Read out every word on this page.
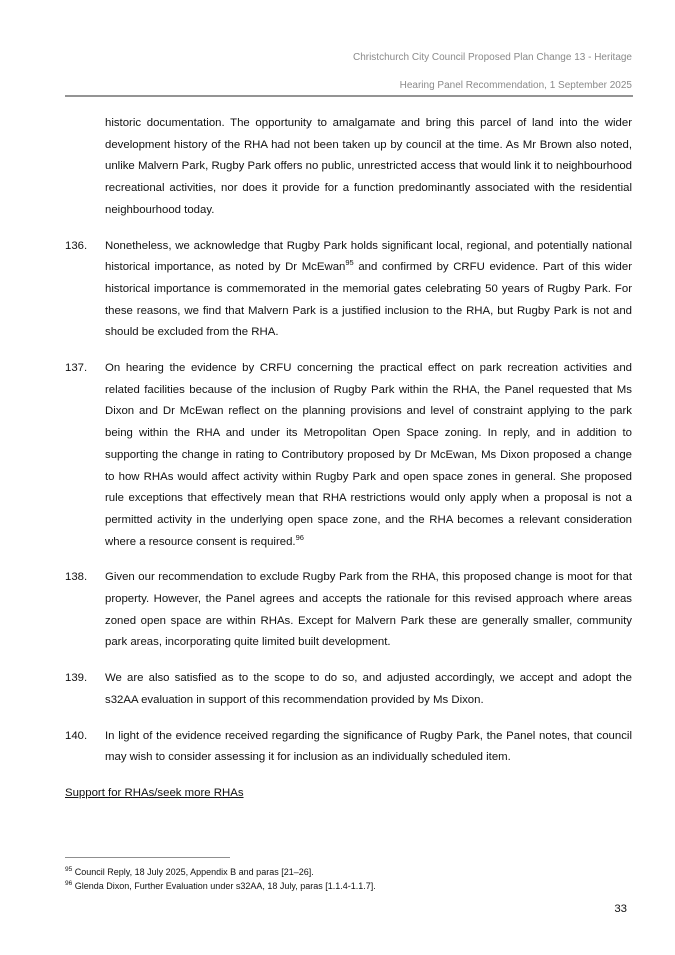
Christchurch City Council Proposed Plan Change 13 - Heritage
Hearing Panel Recommendation, 1 September 2025

historic documentation. The opportunity to amalgamate and bring this parcel of land into the wider development history of the RHA had not been taken up by council at the time. As Mr Brown also noted, unlike Malvern Park, Rugby Park offers no public, unrestricted access that would link it to neighbourhood recreational activities, nor does it provide for a function predominantly associated with the residential neighbourhood today.

136.	Nonetheless, we acknowledge that Rugby Park holds significant local, regional, and potentially national historical importance, as noted by Dr McEwan$^{95}$ and confirmed by CRFU evidence. Part of this wider historical importance is commemorated in the memorial gates celebrating 50 years of Rugby Park. For these reasons, we find that Malvern Park is a justified inclusion to the RHA, but Rugby Park is not and should be excluded from the RHA.

137.	On hearing the evidence by CRFU concerning the practical effect on park recreation activities and related facilities because of the inclusion of Rugby Park within the RHA, the Panel requested that Ms Dixon and Dr McEwan reflect on the planning provisions and level of constraint applying to the park being within the RHA and under its Metropolitan Open Space zoning. In reply, and in addition to supporting the change in rating to Contributory proposed by Dr McEwan, Ms Dixon proposed a change to how RHAs would affect activity within Rugby Park and open space zones in general. She proposed rule exceptions that effectively mean that RHA restrictions would only apply when a proposal is not a permitted activity in the underlying open space zone, and the RHA becomes a relevant consideration where a resource consent is required.$^{96}$

138.	Given our recommendation to exclude Rugby Park from the RHA, this proposed change is moot for that property. However, the Panel agrees and accepts the rationale for this revised approach where areas zoned open space are within RHAs. Except for Malvern Park these are generally smaller, community park areas, incorporating quite limited built development.

139.	We are also satisfied as to the scope to do so, and adjusted accordingly, we accept and adopt the s32AA evaluation in support of this recommendation provided by Ms Dixon.

140.	In light of the evidence received regarding the significance of Rugby Park, the Panel notes, that council may wish to consider assessing it for inclusion as an individually scheduled item.

Support for RHAs/seek more RHAs
$^{95}$ Council Reply, 18 July 2025, Appendix B and paras [21–26].
$^{96}$ Glenda Dixon, Further Evaluation under s32AA, 18 July, paras [1.1.4-1.1.7].
33
